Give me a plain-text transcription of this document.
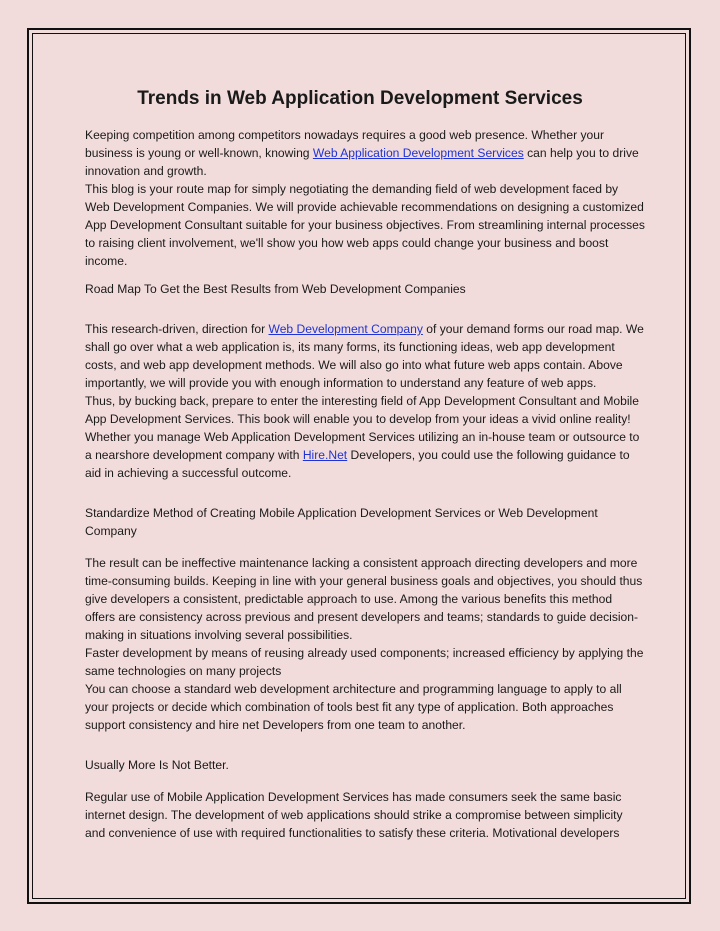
Trends in Web Application Development Services

Keeping competition among competitors nowadays requires a good web presence. Whether your business is young or well-known, knowing Web Application Development Services can help you to drive innovation and growth.

This blog is your route map for simply negotiating the demanding field of web development faced by Web Development Companies. We will provide achievable recommendations on designing a customized App Development Consultant suitable for your business objectives. From streamlining internal processes to raising client involvement, we'll show you how web apps could change your business and boost income.

Road Map To Get the Best Results from Web Development Companies

This research-driven, direction for Web Development Company of your demand forms our road map. We shall go over what a web application is, its many forms, its functioning ideas, web app development costs, and web app development methods. We will also go into what future web apps contain. Above importantly, we will provide you with enough information to understand any feature of web apps.

Thus, by bucking back, prepare to enter the interesting field of App Development Consultant and Mobile App Development Services. This book will enable you to develop from your ideas a vivid online reality!

Whether you manage Web Application Development Services utilizing an in-house team or outsource to a nearshore development company with Hire.Net Developers, you could use the following guidance to aid in achieving a successful outcome.

Standardize Method of Creating Mobile Application Development Services or Web Development Company

The result can be ineffective maintenance lacking a consistent approach directing developers and more time-consuming builds. Keeping in line with your general business goals and objectives, you should thus give developers a consistent, predictable approach to use. Among the various benefits this method offers are consistency across previous and present developers and teams; standards to guide decision-making in situations involving several possibilities.

Faster development by means of reusing already used components; increased efficiency by applying the same technologies on many projects

You can choose a standard web development architecture and programming language to apply to all your projects or decide which combination of tools best fit any type of application. Both approaches support consistency and hire net Developers from one team to another.

Usually More Is Not Better.

Regular use of Mobile Application Development Services has made consumers seek the same basic internet design. The development of web applications should strike a compromise between simplicity and convenience of use with required functionalities to satisfy these criteria. Motivational developers
